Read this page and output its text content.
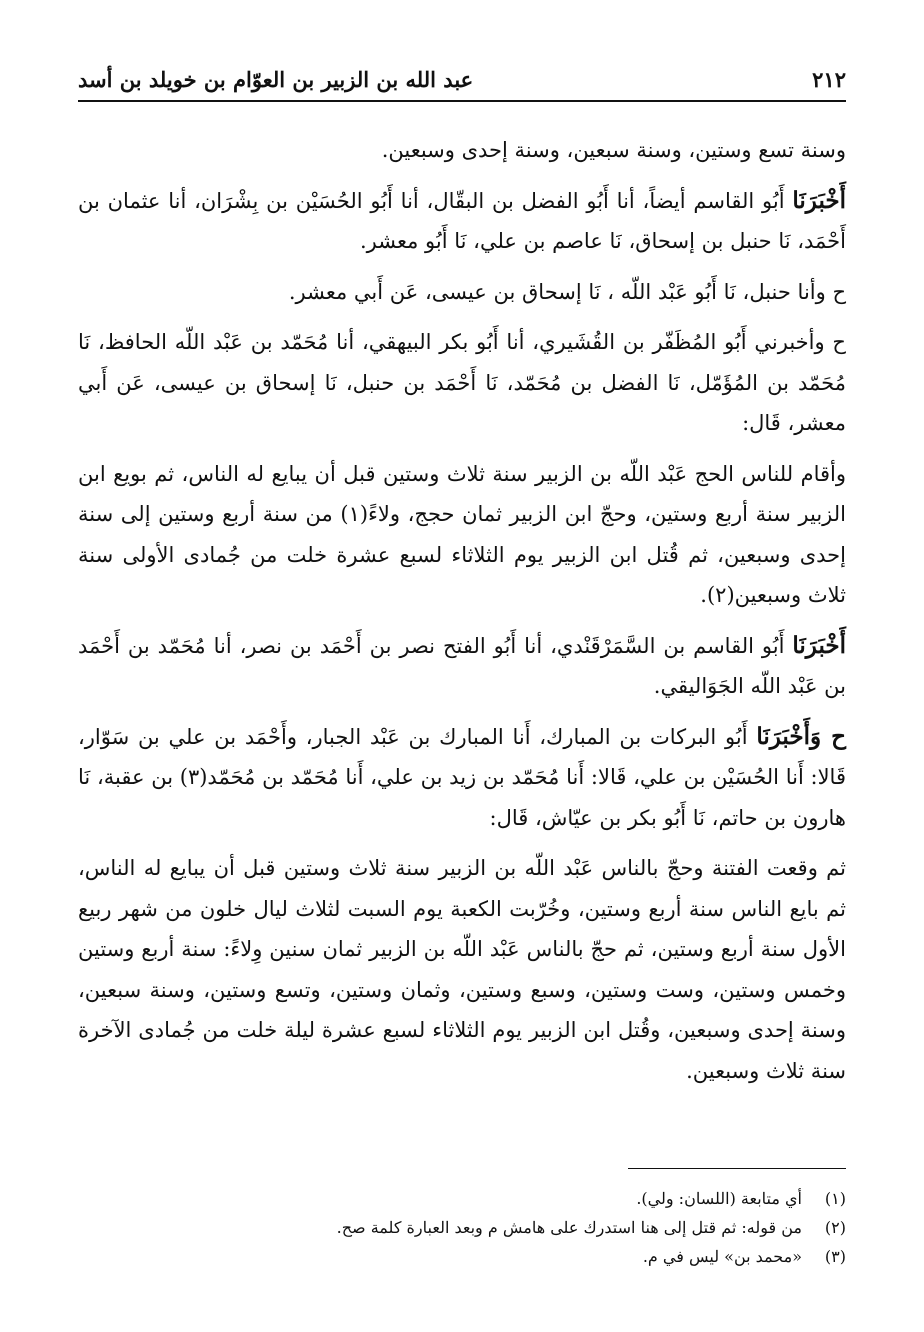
٢١٢
عبد الله بن الزبير بن العوّام بن خويلد بن أسد

وسنة تسع وستين، وسنة سبعين، وسنة إحدى وسبعين.

أَخْبَرَنَا أَبُو القاسم أيضاً، أنا أَبُو الفضل بن البقّال، أنا أَبُو الحُسَيْن بن بِشْرَان، أنا عثمان بن أَحْمَد، نَا حنبل بن إسحاق، نَا عاصم بن علي، نَا أَبُو معشر.

ح وأنا حنبل، نَا أَبُو عَبْد اللّه ، نَا إسحاق بن عيسى، عَن أَبي معشر.

ح وأخبرني أَبُو المُظَفّر بن القُشَيري، أنا أَبُو بكر البيهقي، أنا مُحَمّد بن عَبْد اللّه الحافظ، نَا مُحَمّد بن المُؤَمّل، نَا الفضل بن مُحَمّد، نَا أَحْمَد بن حنبل، نَا إسحاق بن عيسى، عَن أَبي معشر، قَال:

وأقام للناس الحج عَبْد اللّه بن الزبير سنة ثلاث وستين قبل أن يبايع له الناس، ثم بويع ابن الزبير سنة أربع وستين، وحجّ ابن الزبير ثمان حجج، ولاءً(١) من سنة أربع وستين إلى سنة إحدى وسبعين، ثم قُتل ابن الزبير يوم الثلاثاء لسبع عشرة خلت من جُمادى الأولى سنة ثلاث وسبعين(٢).

أَخْبَرَنَا أَبُو القاسم بن السَّمَرْقَنْدي، أنا أَبُو الفتح نصر بن أَحْمَد بن نصر، أنا مُحَمّد بن أَحْمَد بن عَبْد اللّه الجَوَاليقي.

ح وَأَخْبَرَنَا أَبُو البركات بن المبارك، أَنا المبارك بن عَبْد الجبار، وأَحْمَد بن علي بن سَوّار، قَالا: أَنا الحُسَيْن بن علي، قَالا: أَنا مُحَمّد بن زيد بن علي، أَنا مُحَمّد بن مُحَمّد(٣) بن عقبة، نَا هارون بن حاتم، نَا أَبُو بكر بن عيّاش، قَال:

ثم وقعت الفتنة وحجّ بالناس عَبْد اللّه بن الزبير سنة ثلاث وستين قبل أن يبايع له الناس، ثم بايع الناس سنة أربع وستين، وخُرّبت الكعبة يوم السبت لثلاث ليال خلون من شهر ربيع الأول سنة أربع وستين، ثم حجّ بالناس عَبْد اللّه بن الزبير ثمان سنين وِلاءً: سنة أربع وستين وخمس وستين، وست وستين، وسبع وستين، وثمان وستين، وتسع وستين، وسنة سبعين، وسنة إحدى وسبعين، وقُتل ابن الزبير يوم الثلاثاء لسبع عشرة ليلة خلت من جُمادى الآخرة سنة ثلاث وسبعين.

(١)
أي متابعة (اللسان: ولي).
(٢)
من قوله: ثم قتل إلى هنا استدرك على هامش م وبعد العبارة كلمة صح.
(٣)
«محمد بن» ليس في م.
